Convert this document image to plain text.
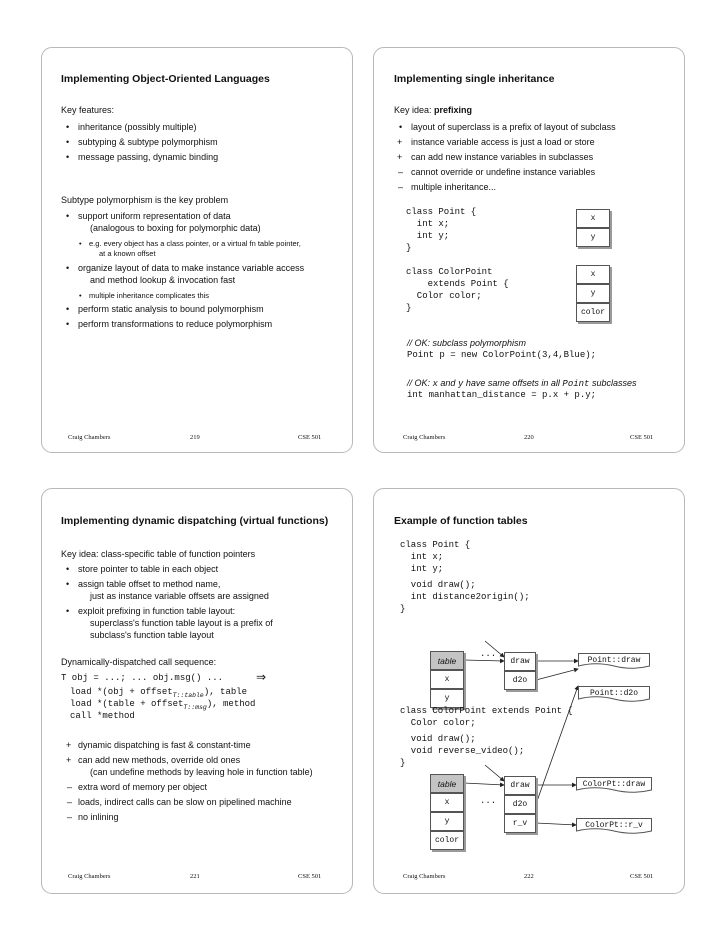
Implementing Object-Oriented Languages
Key features:
• inheritance (possibly multiple)
• subtyping & subtype polymorphism
• message passing, dynamic binding
Subtype polymorphism is the key problem
• support uniform representation of data
(analogous to boxing for polymorphic data)
• e.g. every object has a class pointer, or a virtual fn table pointer,
at a known offset
• organize layout of data to make instance variable access
and method lookup & invocation fast
• multiple inheritance complicates this
• perform static analysis to bound polymorphism
• perform transformations to reduce polymorphism
Craig Chambers	219	CSE 501
Implementing single inheritance
Key idea: prefixing
• layout of superclass is a prefix of layout of subclass
+ instance variable access is just a load or store
+ can add new instance variables in subclasses
– cannot override or undefine instance variables
– multiple inheritance...
class Point {
int x;
int y;
}
x
y
class ColorPoint
extends Point {
Color color;
}
x
y
color
// OK: subclass polymorphism
Point p = new ColorPoint(3,4,Blue);
// OK: x and y have same offsets in all Point subclasses
int manhattan_distance = p.x + p.y;
Craig Chambers	220	CSE 501
Implementing dynamic dispatching (virtual functions)
Key idea: class-specific table of function pointers
• store pointer to table in each object
• assign table offset to method name,
just as instance variable offsets are assigned
• exploit prefixing in function table layout:
superclass's function table layout is a prefix of
subclass's function table layout
Dynamically-dispatched call sequence:
T obj = ...; ... obj.msg() ...	⇒
load *(obj + offset$_{T::table}$), table
load *(table + offset$_{T::msg}$), method
call *method
+ dynamic dispatching is fast & constant-time
+ can add new methods, override old ones
(can undefine methods by leaving hole in function table)
– extra word of memory per object
– loads, indirect calls can be slow on pipelined machine
– no inlining
Craig Chambers	221	CSE 501
Example of function tables
class Point {
int x;
int y;
void draw();
int distance2origin();
}
...
...
table
x
y
draw
d2o
Point::draw
Point::d2o
class ColorPoint extends Point {
Color color;
void draw();
void reverse_video();
}
table
x
y
color
draw
d2o
r_v
ColorPt::draw
ColorPt::r_v
Craig Chambers	222	CSE 501
